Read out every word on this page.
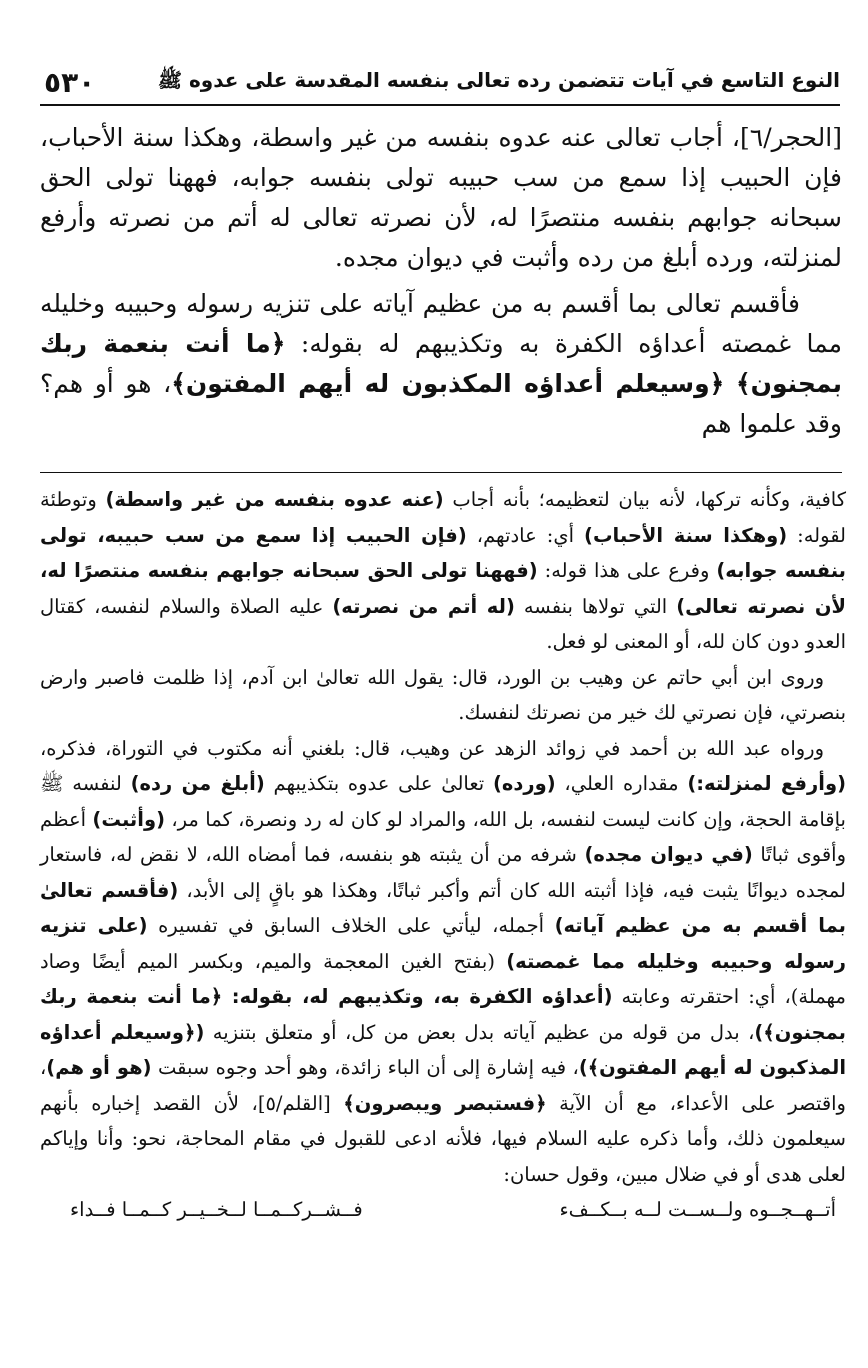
النوع التاسع في آيات تتضمن رده تعالى بنفسه المقدسة على عدوه ﷺ
٥٣٠

[الحجر/٦]، أجاب تعالى عنه عدوه بنفسه من غير واسطة، وهكذا سنة الأحباب، فإن الحبيب إذا سمع من سب حبيبه تولى بنفسه جوابه، فههنا تولى الحق سبحانه جوابهم بنفسه منتصرًا له، لأن نصرته تعالى له أتم من نصرته وأرفع لمنزلته، ورده أبلغ من رده وأثبت في ديوان مجده.

فأقسم تعالى بما أقسم به من عظيم آياته على تنزيه رسوله وحبيبه وخليله مما غمصته أعداؤه الكفرة به وتكذيبهم له بقوله: ﴿ما أنت بنعمة ربك بمجنون﴾ ﴿وسيعلم أعداؤه المكذبون له أيهم المفتون﴾، هو أو هم؟ وقد علموا هم

كافية، وكأنه تركها، لأنه بيان لتعظيمه؛ بأنه أجاب (عنه عدوه بنفسه من غير واسطة) وتوطئة لقوله: (وهكذا سنة الأحباب) أي: عادتهم، (فإن الحبيب إذا سمع من سب حبيبه، تولى بنفسه جوابه) وفرع على هذا قوله: (فههنا تولى الحق سبحانه جوابهم بنفسه منتصرًا له، لأن نصرته تعالى) التي تولاها بنفسه (له أتم من نصرته) عليه الصلاة والسلام لنفسه، كقتال العدو دون كان لله، أو المعنى لو فعل.

وروى ابن أبي حاتم عن وهيب بن الورد، قال: يقول الله تعالىٰ ابن آدم، إذا ظلمت فاصبر وارض بنصرتي، فإن نصرتي لك خير من نصرتك لنفسك.

ورواه عبد الله بن أحمد في زوائد الزهد عن وهيب، قال: بلغني أنه مكتوب في التوراة، فذكره، (وأرفع لمنزلته:) مقداره العلي، (ورده) تعالىٰ على عدوه بتكذيبهم (أبلغ من رده) لنفسه ﷺ بإقامة الحجة، وإن كانت ليست لنفسه، بل الله، والمراد لو كان له رد ونصرة، كما مر، (وأثبت) أعظم وأقوى ثباتًا (في ديوان مجده) شرفه من أن يثبته هو بنفسه، فما أمضاه الله، لا نقض له، فاستعار لمجده ديوانًا يثبت فيه، فإذا أثبته الله كان أتم وأكبر ثباتًا، وهكذا هو باقٍ إلى الأبد، (فأقسم تعالىٰ بما أقسم به من عظيم آياته) أجمله، ليأتي على الخلاف السابق في تفسيره (على تنزيه رسوله وحبيبه وخليله مما غمصته) (بفتح الغين المعجمة والميم، وبكسر الميم أيضًا وصاد مهملة)، أي: احتقرته وعابته (أعداؤه الكفرة به، وتكذيبهم له، بقوله: ﴿ما أنت بنعمة ربك بمجنون﴾)، بدل من قوله من عظيم آياته بدل بعض من كل، أو متعلق بتنزيه (﴿وسيعلم أعداؤه المذكبون له أيهم المفتون﴾)، فيه إشارة إلى أن الباء زائدة، وهو أحد وجوه سبقت (هو أو هم)، واقتصر على الأعداء، مع أن الآية ﴿فستبصر ويبصرون﴾ [القلم/٥]، لأن القصد إخباره بأنهم سيعلمون ذلك، وأما ذكره عليه السلام فيها، فلأنه ادعى للقبول في مقام المحاجة، نحو: وأنا وإياكم لعلى هدى أو في ضلال مبين، وقول حسان:

أتــهــجــوه ولــســت لــه بــكــفء
فــشــركــمــا لــخــيــر كــمــا فــداء
